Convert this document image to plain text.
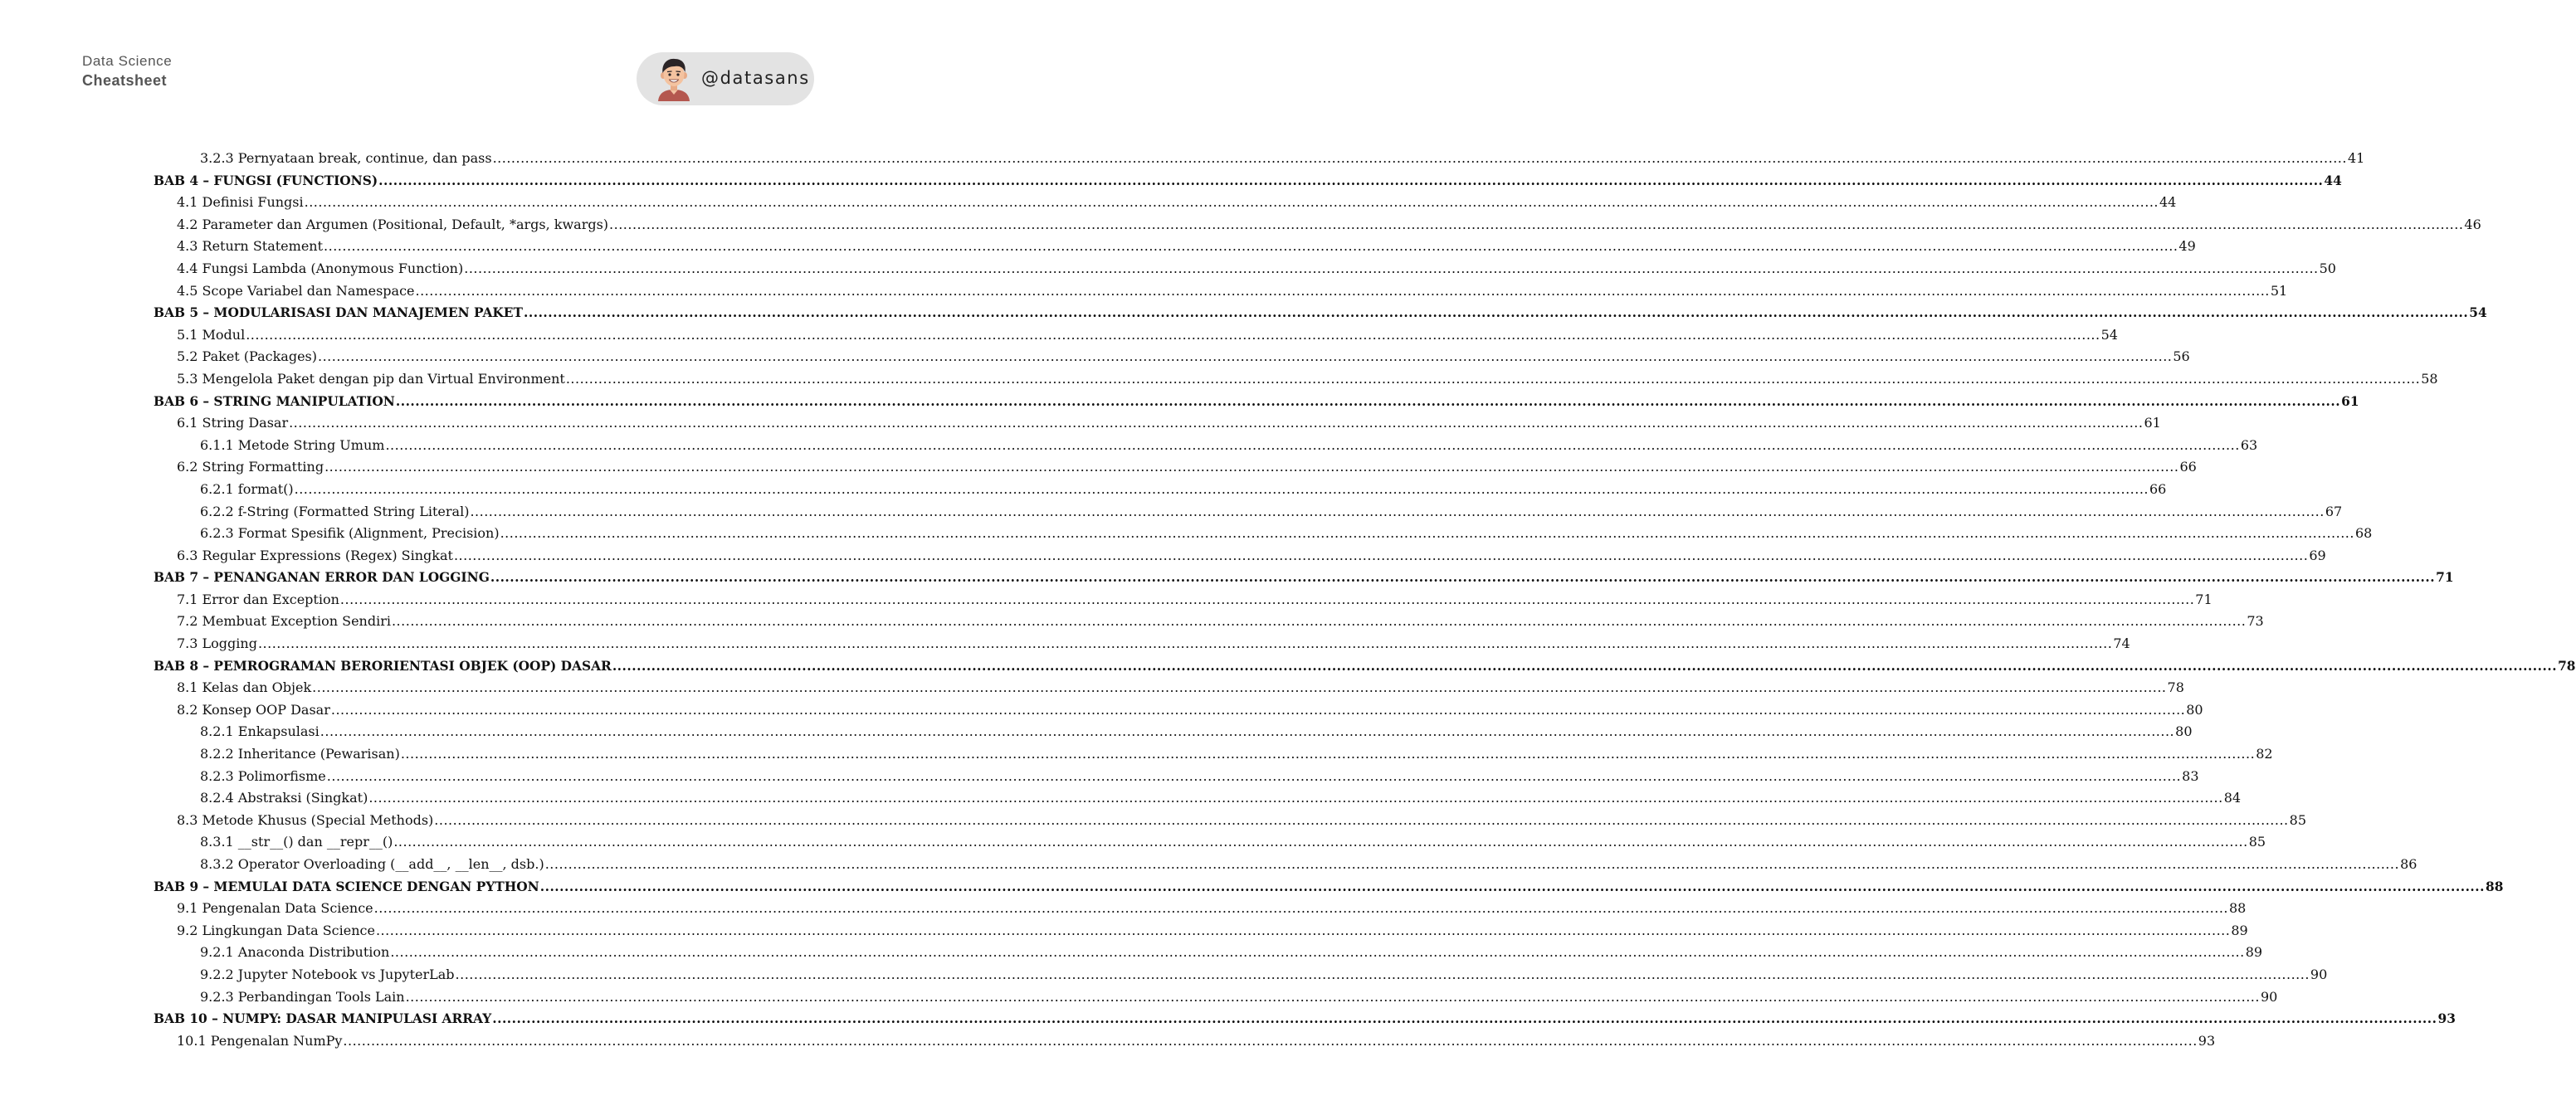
Data Science
Cheatsheet	@datasans
3.2.3 Pernyataan break, continue, dan pass ................................................................................................................................................................................................................................................................................................................................................................................................................ 41
BAB 4 – FUNGSI (FUNCTIONS) ................................................................................................................................................................................................................................................................................................................................................................................................................ 44
4.1 Definisi Fungsi ................................................................................................................................................................................................................................................................................................................................................................................................................ 44
4.2 Parameter dan Argumen (Positional, Default, *args, kwargs) ................................................................................................................................................................................................................................................................................................................................................................................................................ 46
4.3 Return Statement ................................................................................................................................................................................................................................................................................................................................................................................................................ 49
4.4 Fungsi Lambda (Anonymous Function) ................................................................................................................................................................................................................................................................................................................................................................................................................ 50
4.5 Scope Variabel dan Namespace ................................................................................................................................................................................................................................................................................................................................................................................................................ 51
BAB 5 – MODULARISASI DAN MANAJEMEN PAKET ................................................................................................................................................................................................................................................................................................................................................................................................................ 54
5.1 Modul ................................................................................................................................................................................................................................................................................................................................................................................................................ 54
5.2 Paket (Packages) ................................................................................................................................................................................................................................................................................................................................................................................................................ 56
5.3 Mengelola Paket dengan pip dan Virtual Environment ................................................................................................................................................................................................................................................................................................................................................................................................................ 58
BAB 6 – STRING MANIPULATION ................................................................................................................................................................................................................................................................................................................................................................................................................ 61
6.1 String Dasar ................................................................................................................................................................................................................................................................................................................................................................................................................ 61
6.1.1 Metode String Umum ................................................................................................................................................................................................................................................................................................................................................................................................................ 63
6.2 String Formatting ................................................................................................................................................................................................................................................................................................................................................................................................................ 66
6.2.1 format() ................................................................................................................................................................................................................................................................................................................................................................................................................ 66
6.2.2 f-String (Formatted String Literal) ................................................................................................................................................................................................................................................................................................................................................................................................................ 67
6.2.3 Format Spesifik (Alignment, Precision) ................................................................................................................................................................................................................................................................................................................................................................................................................ 68
6.3 Regular Expressions (Regex) Singkat ................................................................................................................................................................................................................................................................................................................................................................................................................ 69
BAB 7 – PENANGANAN ERROR DAN LOGGING ................................................................................................................................................................................................................................................................................................................................................................................................................ 71
7.1 Error dan Exception ................................................................................................................................................................................................................................................................................................................................................................................................................ 71
7.2 Membuat Exception Sendiri ................................................................................................................................................................................................................................................................................................................................................................................................................ 73
7.3 Logging ................................................................................................................................................................................................................................................................................................................................................................................................................ 74
BAB 8 – PEMROGRAMAN BERORIENTASI OBJEK (OOP) DASAR ................................................................................................................................................................................................................................................................................................................................................................................................................ 78
8.1 Kelas dan Objek ................................................................................................................................................................................................................................................................................................................................................................................................................ 78
8.2 Konsep OOP Dasar ................................................................................................................................................................................................................................................................................................................................................................................................................ 80
8.2.1 Enkapsulasi ................................................................................................................................................................................................................................................................................................................................................................................................................ 80
8.2.2 Inheritance (Pewarisan) ................................................................................................................................................................................................................................................................................................................................................................................................................ 82
8.2.3 Polimorfisme ................................................................................................................................................................................................................................................................................................................................................................................................................ 83
8.2.4 Abstraksi (Singkat) ................................................................................................................................................................................................................................................................................................................................................................................................................ 84
8.3 Metode Khusus (Special Methods) ................................................................................................................................................................................................................................................................................................................................................................................................................ 85
8.3.1 __str__() dan __repr__() ................................................................................................................................................................................................................................................................................................................................................................................................................ 85
8.3.2 Operator Overloading (__add__, __len__, dsb.) ................................................................................................................................................................................................................................................................................................................................................................................................................ 86
BAB 9 – MEMULAI DATA SCIENCE DENGAN PYTHON ................................................................................................................................................................................................................................................................................................................................................................................................................ 88
9.1 Pengenalan Data Science ................................................................................................................................................................................................................................................................................................................................................................................................................ 88
9.2 Lingkungan Data Science ................................................................................................................................................................................................................................................................................................................................................................................................................ 89
9.2.1 Anaconda Distribution ................................................................................................................................................................................................................................................................................................................................................................................................................ 89
9.2.2 Jupyter Notebook vs JupyterLab ................................................................................................................................................................................................................................................................................................................................................................................................................ 90
9.2.3 Perbandingan Tools Lain ................................................................................................................................................................................................................................................................................................................................................................................................................ 90
BAB 10 – NUMPY: DASAR MANIPULASI ARRAY ................................................................................................................................................................................................................................................................................................................................................................................................................ 93
10.1 Pengenalan NumPy ................................................................................................................................................................................................................................................................................................................................................................................................................ 93
